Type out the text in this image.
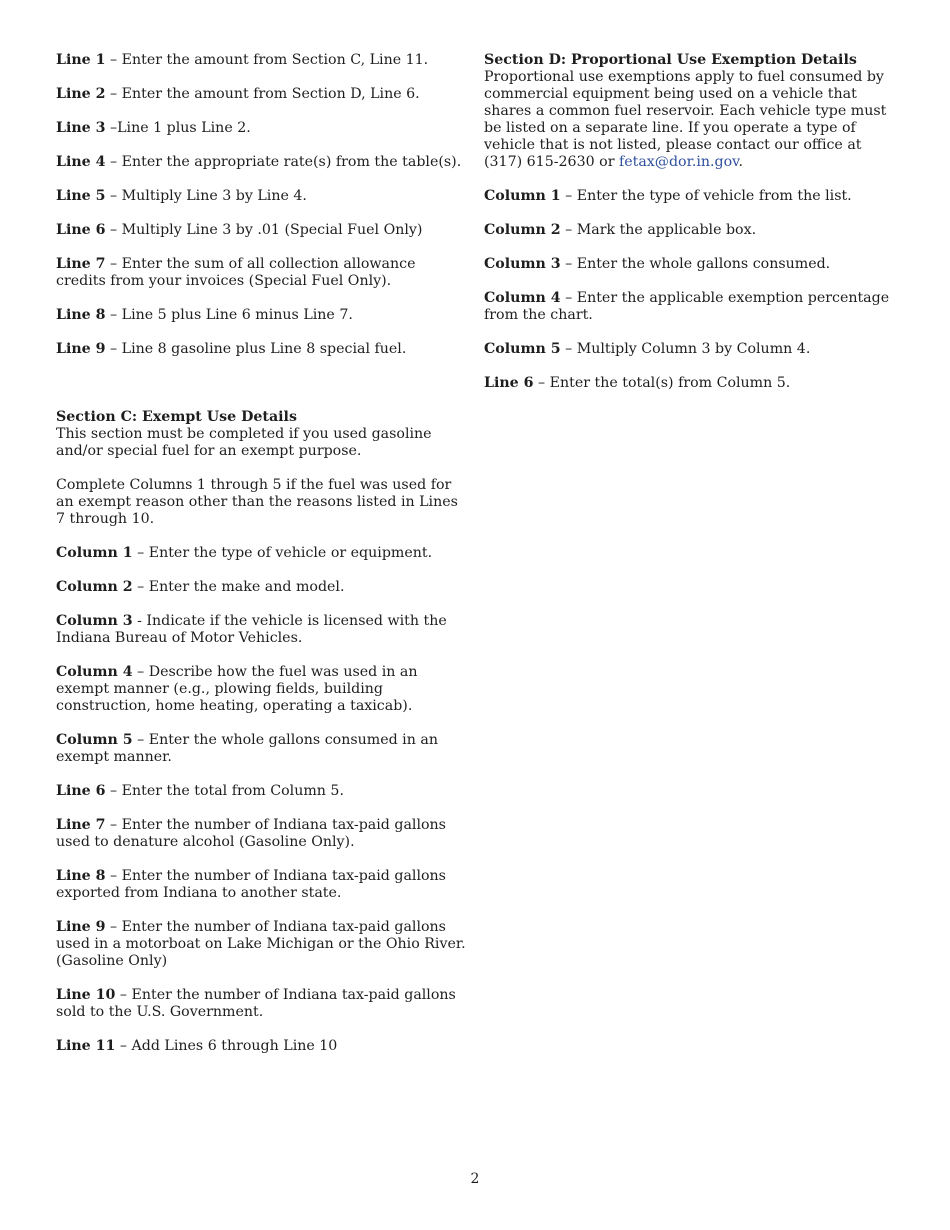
Line 1 – Enter the amount from Section C, Line 11.

Line 2 – Enter the amount from Section D, Line 6.

Line 3 –Line 1 plus Line 2.

Line 4 – Enter the appropriate rate(s) from the table(s).

Line 5 – Multiply Line 3 by Line 4.

Line 6 – Multiply Line 3 by .01 (Special Fuel Only)

Line 7 – Enter the sum of all collection allowance credits from your invoices (Special Fuel Only).

Line 8 – Line 5 plus Line 6 minus Line 7.

Line 9 – Line 8 gasoline plus Line 8 special fuel.

Section C: Exempt Use Details
This section must be completed if you used gasoline and/or special fuel for an exempt purpose.

Complete Columns 1 through 5 if the fuel was used for an exempt reason other than the reasons listed in Lines 7 through 10.

Column 1 – Enter the type of vehicle or equipment.

Column 2 – Enter the make and model.

Column 3 - Indicate if the vehicle is licensed with the Indiana Bureau of Motor Vehicles.

Column 4 – Describe how the fuel was used in an exempt manner (e.g., plowing fields, building construction, home heating, operating a taxicab).

Column 5 – Enter the whole gallons consumed in an exempt manner.

Line 6 – Enter the total from Column 5.

Line 7 – Enter the number of Indiana tax-paid gallons used to denature alcohol (Gasoline Only).

Line 8 – Enter the number of Indiana tax-paid gallons exported from Indiana to another state.

Line 9 – Enter the number of Indiana tax-paid gallons used in a motorboat on Lake Michigan or the Ohio River. (Gasoline Only)

Line 10 – Enter the number of Indiana tax-paid gallons sold to the U.S. Government.

Line 11 – Add Lines 6 through Line 10

Section D: Proportional Use Exemption Details
Proportional use exemptions apply to fuel consumed by commercial equipment being used on a vehicle that shares a common fuel reservoir. Each vehicle type must be listed on a separate line. If you operate a type of vehicle that is not listed, please contact our office at (317) 615-2630 or fetax@dor.in.gov.

Column 1 – Enter the type of vehicle from the list.

Column 2 – Mark the applicable box.

Column 3 – Enter the whole gallons consumed.

Column 4 – Enter the applicable exemption percentage from the chart.

Column 5 – Multiply Column 3 by Column 4.

Line 6 – Enter the total(s) from Column 5.

2
